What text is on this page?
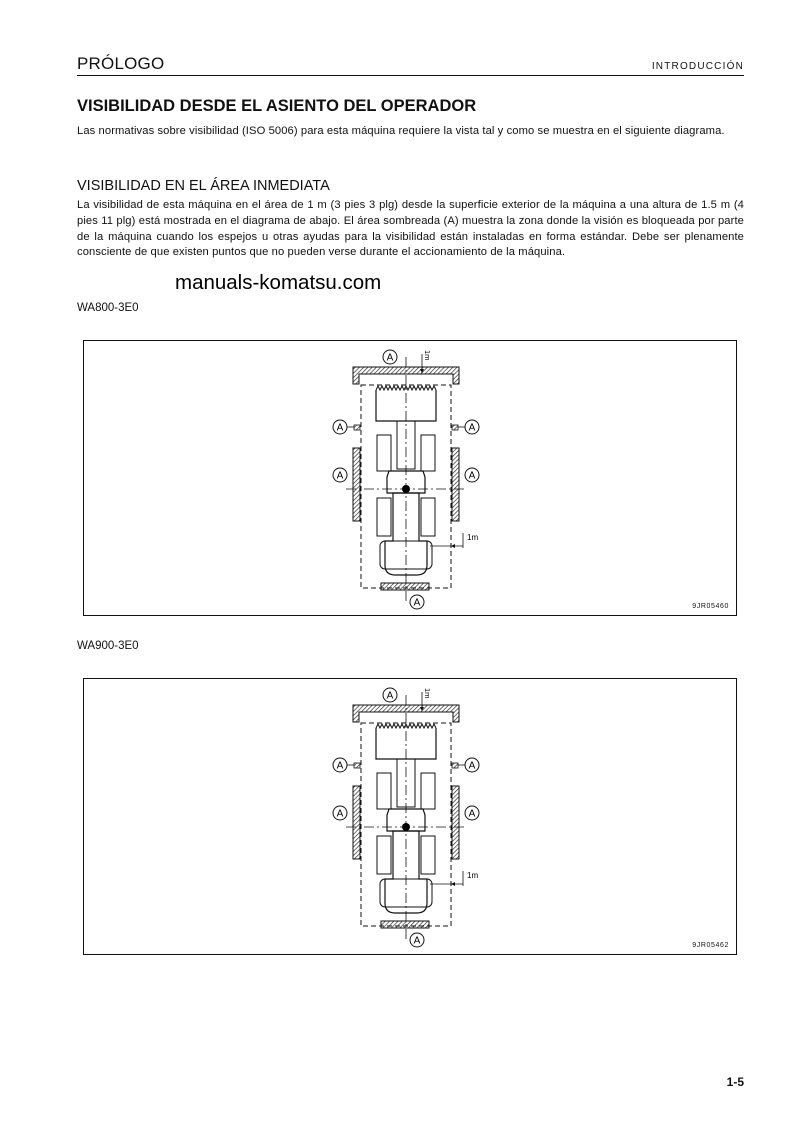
PRÓLOGO	INTRODUCCIÓN
VISIBILIDAD DESDE EL ASIENTO DEL OPERADOR

Las normativas sobre visibilidad (ISO 5006) para esta máquina requiere la vista tal y como se muestra en el siguiente diagrama.

VISIBILIDAD EN EL ÁREA INMEDIATA

La visibilidad de esta máquina en el área de 1 m (3 pies 3 plg) desde la superficie exterior de la máquina a una altura de 1.5 m (4 pies 11 plg) está mostrada en el diagrama de abajo. El área sombreada (A) muestra la zona donde la visión es bloqueada por parte de la máquina cuando los espejos u otras ayudas para la visibilidad están instaladas en forma estándar. Debe ser plenamente consciente de que existen puntos que no pueden verse durante el accionamiento de la máquina.

manuals-komatsu.com
WA800-3E0
1m
1m
A
A	A
A	A
A	9JR05460
WA900-3E0
1m
1m
A
A	A
A	A
A	9JR05462
1-5
